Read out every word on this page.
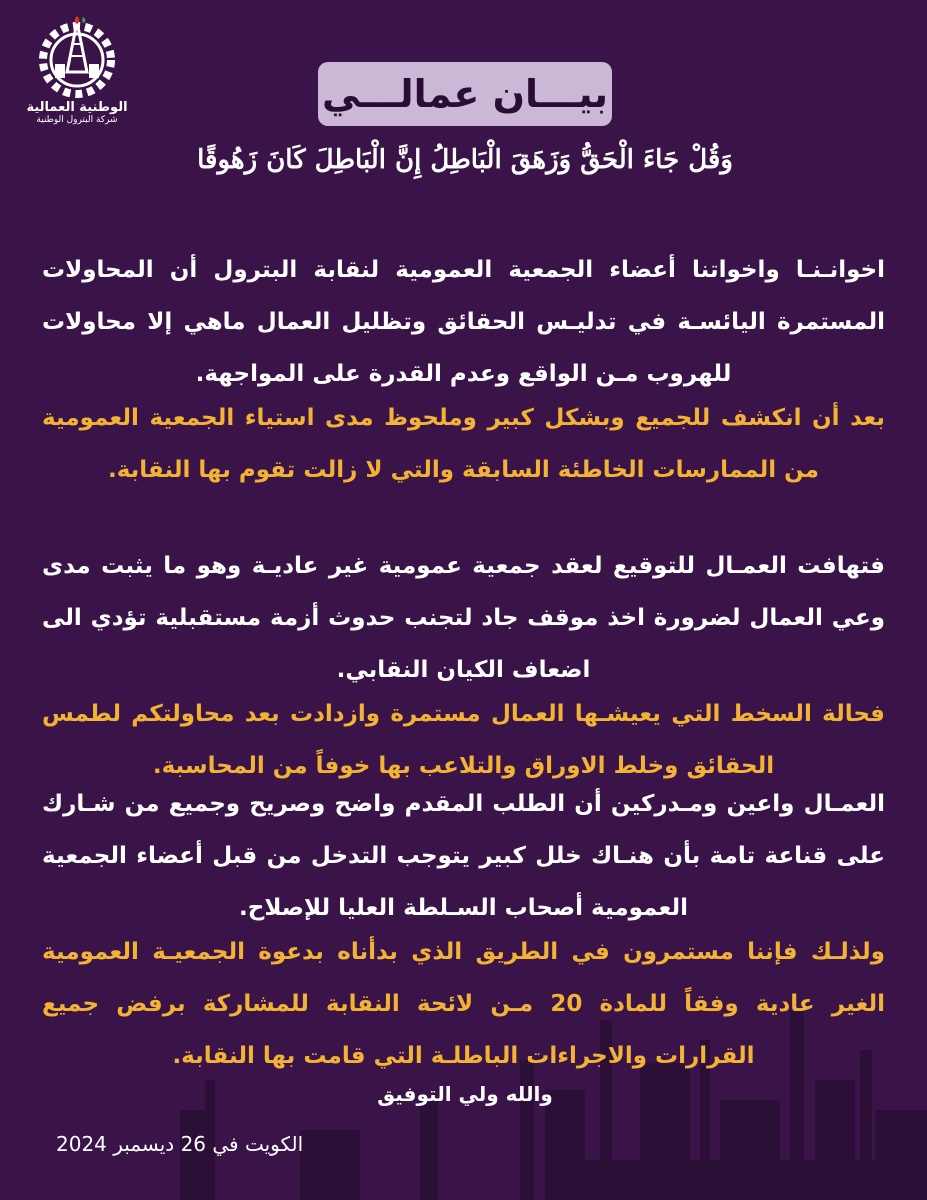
الوطنية العمالية
شركة البترول الوطنية
بيـــان عمالـــي
وَقُلْ جَاءَ الْحَقُّ وَزَهَقَ الْبَاطِلُ إِنَّ الْبَاطِلَ كَانَ زَهُوقًا
اخوانـنـا واخواتنا أعضاء الجمعية العمومية لنقابة البترول أن المحاولات المستمرة اليائسـة في تدليـس الحقائق وتظليل العمال ماهي إلا محاولات للهروب مـن الواقع وعدم القدرة على المواجهة.
بعد أن انكشف للجميع وبشكل كبير وملحوظ مدى استياء الجمعية العمومية من الممارسات الخاطئة السابقة والتي لا زالت تقوم بها النقابة.
فتهافت العمـال للتوقيع لعقد جمعية عمومية غير عاديـة وهو ما يثبت مدى وعي العمال لضرورة اخذ موقف جاد لتجنب حدوث أزمة مستقبلية تؤدي الى اضعاف الكيان النقابي.
فحالة السخط التي يعيشـها العمال مستمرة وازدادت بعد محاولتكم لطمس الحقائق وخلط الاوراق والتلاعب بها خوفاً من المحاسبة.
العمـال واعين ومـدركين أن الطلب المقدم واضح وصريح وجميع من شـارك على قناعة تامة بأن هنـاك خلل كبير يتوجب التدخل من قبل أعضاء الجمعية العمومية أصحاب السـلطة العليا للإصلاح.
ولذلـك فإننا مستمرون في الطريق الذي بدأناه بدعوة الجمعيـة العمومية الغير عادية وفقاً للمادة 20 مـن لائحة النقابة للمشاركة برفض جميع القرارات والاجراءات الباطلـة التي قامت بها النقابة.
والله ولي التوفيق
الكويت في 26 ديسمبر 2024
